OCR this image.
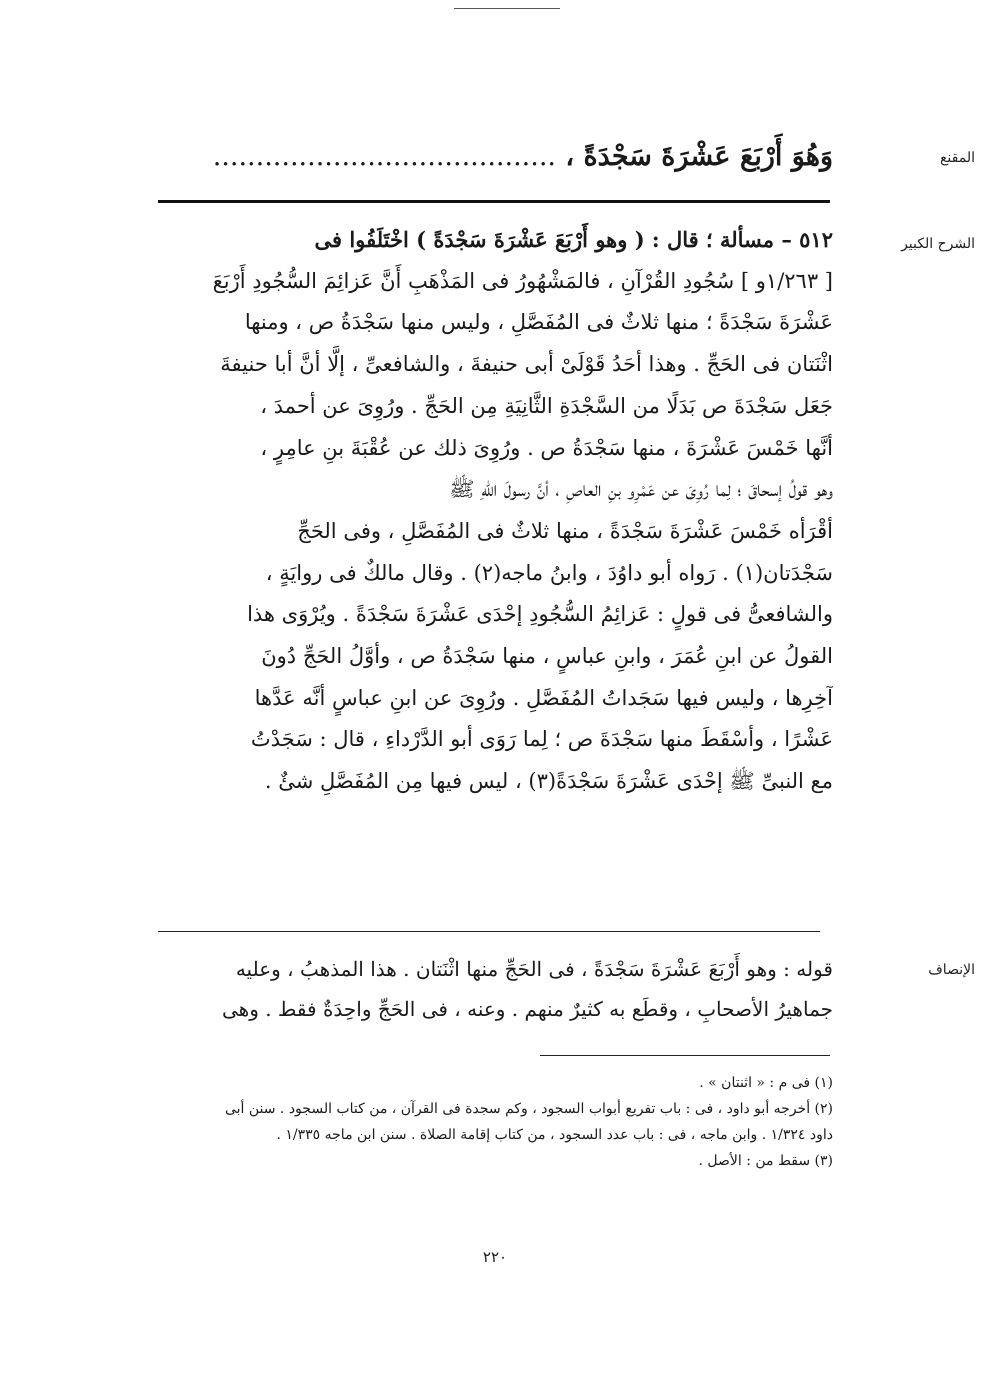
المقنع
وَهُوَ أَرْبَعَ عَشْرَةَ سَجْدَةً ، ........................................
الشرح الكبير
٥١٢ – مسألة ؛ قال : ( وهو أَرْبَعَ عَشْرَةَ سَجْدَةً ) اخْتَلَفُوا فى
[ ١/٢٦٣و ] سُجُودِ القُرْآنِ ، فالمَشْهُورُ فى المَذْهَبِ أَنَّ عَزائِمَ السُّجُودِ أَرْبَعَ
عَشْرَةَ سَجْدَةً ؛ منها ثلاثٌ فى المُفَصَّلِ ، وليس منها سَجْدَةُ ص ، ومنها
اثْنَتان فى الحَجِّ . وهذا أحَدُ قَوْلَىْ أبى حنيفةَ ، والشافعىِّ ، إلَّا أنَّ أبا حنيفةَ
جَعَل سَجْدَةَ ص بَدَلًا من السَّجْدَةِ الثَّانِيَةِ مِن الحَجِّ . ورُوِىَ عن أحمدَ ،
أنَّها خَمْسَ عَشْرَةَ ، منها سَجْدَةُ ص . ورُوِىَ ذلك عن عُقْبَةَ بنِ عامِرٍ ،
وهو قولُ إسحاقَ ؛ لِما رُوِىَ عن عَمْرِو بنِ العاصِ ، أنَّ رسولَ اللهِ ﷺ
أقْرَأه خَمْسَ عَشْرَةَ سَجْدَةً ، منها ثلاثٌ فى المُفَصَّلِ ، وفى الحَجِّ
سَجْدَتان(١) . رَواه أبو داوُدَ ، وابنُ ماجه(٢) . وقال مالكٌ فى روايَةٍ ،
والشافعىُّ فى قولٍ : عَزائِمُ السُّجُودِ إحْدَى عَشْرَةَ سَجْدَةً . ويُرْوَى هذا
القولُ عن ابنِ عُمَرَ ، وابنِ عباسٍ ، منها سَجْدَةُ ص ، وأوَّلُ الحَجِّ دُونَ
آخِرِها ، وليس فيها سَجَداتُ المُفَصَّلِ . ورُوِىَ عن ابنِ عباسٍ أنَّه عَدَّها
عَشْرًا ، وأسْقَطَ منها سَجْدَةَ ص ؛ لِما رَوَى أبو الدَّرْداءِ ، قال : سَجَدْتُ
مع النبىِّ ﷺ إحْدَى عَشْرَةَ سَجْدَةً(٣) ، ليس فيها مِن المُفَصَّلِ شئٌ .
الإنصاف
قوله : وهو أَرْبَعَ عَشْرَةَ سَجْدَةً ، فى الحَجِّ منها اثْنَتان . هذا المذهبُ ، وعليه
جماهيرُ الأصحابِ ، وقطَع به كثيرٌ منهم . وعنه ، فى الحَجِّ واحِدَةٌ فقط . وهى
(١) فى م : « اثنتان » .
(٢) أخرجه أبو داود ، فى : باب تفريع أبواب السجود ، وكم سجدة فى القرآن ، من كتاب السجود . سنن أبى
داود ١/٣٢٤ . وابن ماجه ، فى : باب عدد السجود ، من كتاب إقامة الصلاة . سنن ابن ماجه ١/٣٣٥ .
(٣) سقط من : الأصل .
٢٢٠
